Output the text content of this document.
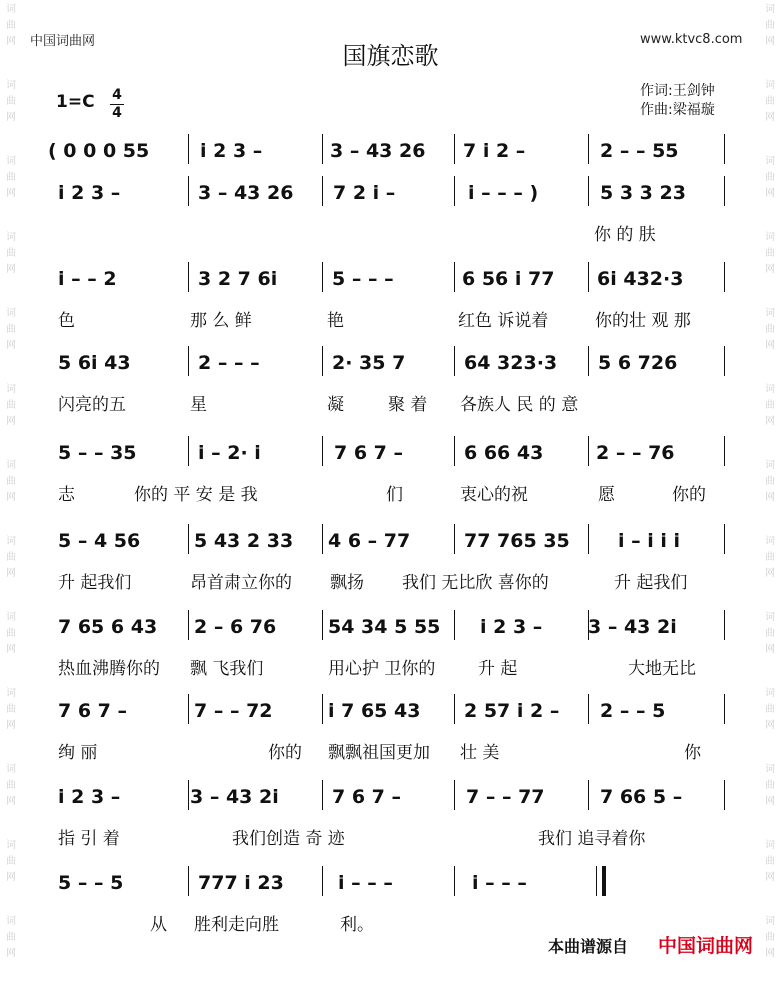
词
曲
网
词
曲
网
词
曲
网
词
曲
网
词
曲
网
词
曲
网
词
曲
网
词
曲
网
词
曲
网
词
曲
网
词
曲
网
词
曲
网
词
曲
网
词
曲
网
词
曲
网
词
曲
网
词
曲
网
词
曲
网
词
曲
网
词
曲
网
词
曲
网
词
曲
网
词
曲
网
词
曲
网
词
曲
网
词
曲
网
中国词曲网	www.ktvc8.com
国旗恋歌
作词:王剑钟
作曲:梁福璇
1=C 4
4
( 0 0 0 55	i 2 3 –	3 – 43 26 7 i 2 –	2 – – 55
i 2 3 –	3 – 43 26 7 2 i –	i – – – )	5 3 3 23
你 的 肤
i – – 2	3 2 7 6i	5 – – –	6 56 i 77 6i 432·3
色	那 么 鲜	艳	红色 诉说着	你的壮 观 那
5 6i 43	2 – – –	2· 35 7	64 323·3 5 6 726
闪亮的五	星	凝	聚 着 各族人 民 的 意
5 – – 35	i – 2· i	7 6 7 –	6 66 43	2 – – 76
志	你的 平 安 是 我	们	衷心的祝	愿	你的
5 – 4 56	5 43 2 33 4 6 – 77	77 765 35	i – i i i
升 起我们	昂首肃立你的 飘扬 我们 无比欣 喜你的	升 起我们
7 65 6 43 2 – 6 76	54 34 5 55 i 2 3 – 3 – 43 2i
热血沸腾你的 飘 飞我们	用心护 卫你的	升 起	大地无比
7 6 7 –	7 – – 72	i 7 65 43 2 57 i 2 – 2 – – 5
绚 丽	你的 飘飘祖国更加 壮 美	你
i 2 3 –	3 – 43 2i	7 6 7 –	7 – – 77	7 66 5 –
指 引 着	我们创造 奇 迹	我们 追寻着你
5 – – 5	777 i 23	i – – –	i – – –
从 胜利走向胜	利。
本曲谱源自 中国词曲网
